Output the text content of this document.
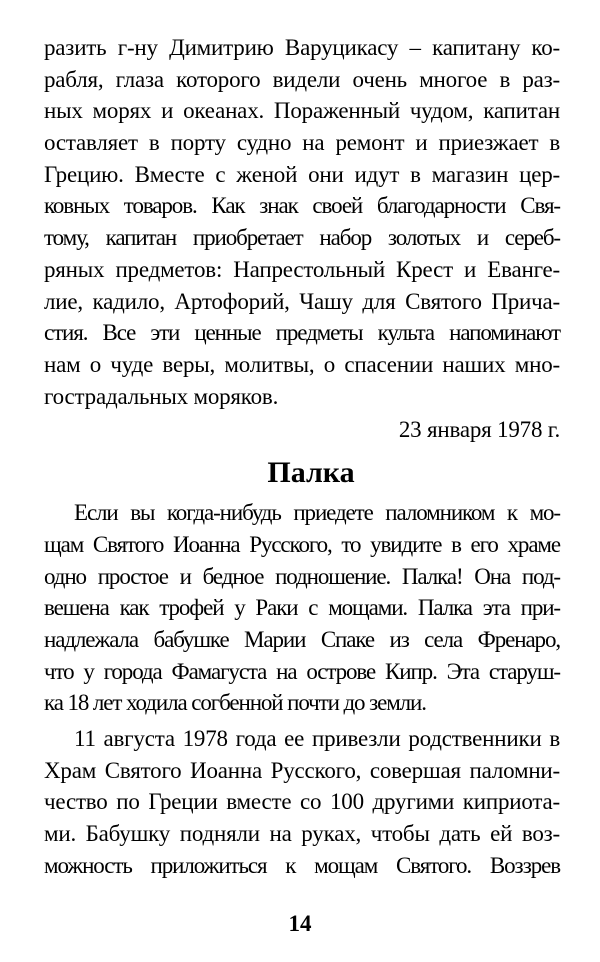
разить г-ну Димитрию Варуцикасу – капитану ко-
рабля, глаза которого видели очень многое в раз-
ных морях и океанах. Пораженный чудом, капитан
оставляет в порту судно на ремонт и приезжает в
Грецию. Вместе с женой они идут в магазин цер-
ковных товаров. Как знак своей благодарности Свя-
тому, капитан приобретает набор золотых и сереб-
ряных предметов: Напрестольный Крест и Еванге-
лие, кадило, Артофорий, Чашу для Святого Прича-
стия. Все эти ценные предметы культа напоминают
нам о чуде веры, молитвы, о спасении наших мно-
гострадальных моряков.
23 января 1978 г.
Палка
Если вы когда-нибудь приедете паломником к мо-
щам Святого Иоанна Русского, то увидите в его храме
одно простое и бедное подношение. Палка! Она под-
вешена как трофей у Раки с мощами. Палка эта при-
надлежала бабушке Марии Спаке из села Френаро,
что у города Фамагуста на острове Кипр. Эта старуш-
ка 18 лет ходила согбенной почти до земли.
11 августа 1978 года ее привезли родственники в
Храм Святого Иоанна Русского, совершая паломни-
чество по Греции вместе со 100 другими киприота-
ми. Бабушку подняли на руках, чтобы дать ей воз-
можность приложиться к мощам Святого. Воззрев
14
